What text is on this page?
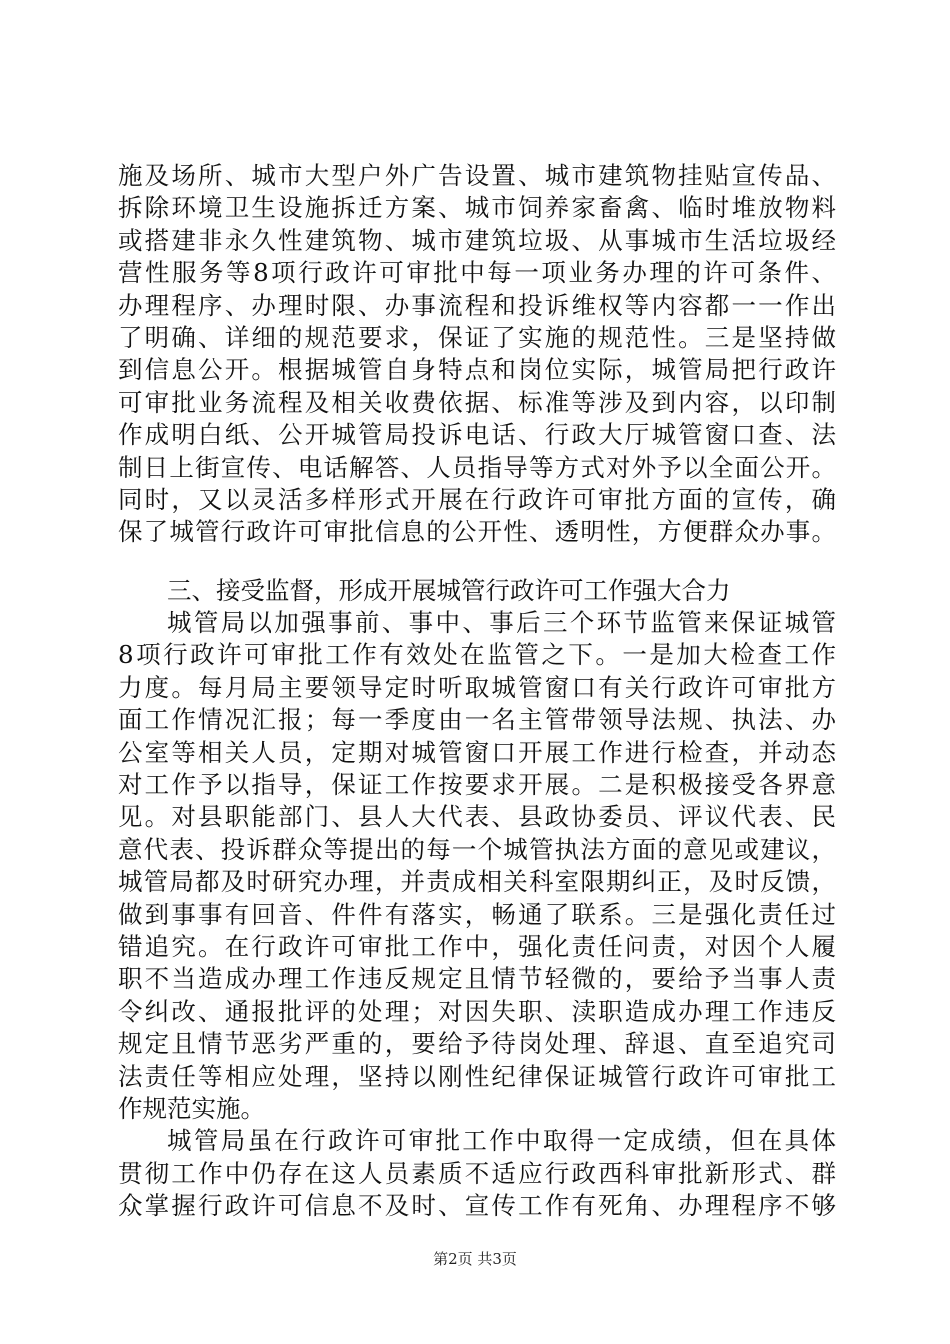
施及场所、城市大型户外广告设置、城市建筑物挂贴宣传品、
拆除环境卫生设施拆迁方案、城市饲养家畜禽、临时堆放物料
或搭建非永久性建筑物、城市建筑垃圾、从事城市生活垃圾经
营性服务等8项行政许可审批中每一项业务办理的许可条件、
办理程序、办理时限、办事流程和投诉维权等内容都一一作出
了明确、详细的规范要求，保证了实施的规范性。三是坚持做
到信息公开。根据城管自身特点和岗位实际，城管局把行政许
可审批业务流程及相关收费依据、标准等涉及到内容，以印制
作成明白纸、公开城管局投诉电话、行政大厅城管窗口查、法
制日上街宣传、电话解答、人员指导等方式对外予以全面公开。
同时，又以灵活多样形式开展在行政许可审批方面的宣传，确
保了城管行政许可审批信息的公开性、透明性，方便群众办事。
三、接受监督，形成开展城管行政许可工作强大合力
城管局以加强事前、事中、事后三个环节监管来保证城管
8项行政许可审批工作有效处在监管之下。一是加大检查工作
力度。每月局主要领导定时听取城管窗口有关行政许可审批方
面工作情况汇报；每一季度由一名主管带领导法规、执法、办
公室等相关人员，定期对城管窗口开展工作进行检查，并动态
对工作予以指导，保证工作按要求开展。二是积极接受各界意
见。对县职能部门、县人大代表、县政协委员、评议代表、民
意代表、投诉群众等提出的每一个城管执法方面的意见或建议，
城管局都及时研究办理，并责成相关科室限期纠正，及时反馈，
做到事事有回音、件件有落实，畅通了联系。三是强化责任过
错追究。在行政许可审批工作中，强化责任问责，对因个人履
职不当造成办理工作违反规定且情节轻微的，要给予当事人责
令纠改、通报批评的处理；对因失职、渎职造成办理工作违反
规定且情节恶劣严重的，要给予待岗处理、辞退、直至追究司
法责任等相应处理，坚持以刚性纪律保证城管行政许可审批工
作规范实施。
城管局虽在行政许可审批工作中取得一定成绩，但在具体
贯彻工作中仍存在这人员素质不适应行政西科审批新形式、群
众掌握行政许可信息不及时、宣传工作有死角、办理程序不够
第2页 共3页
